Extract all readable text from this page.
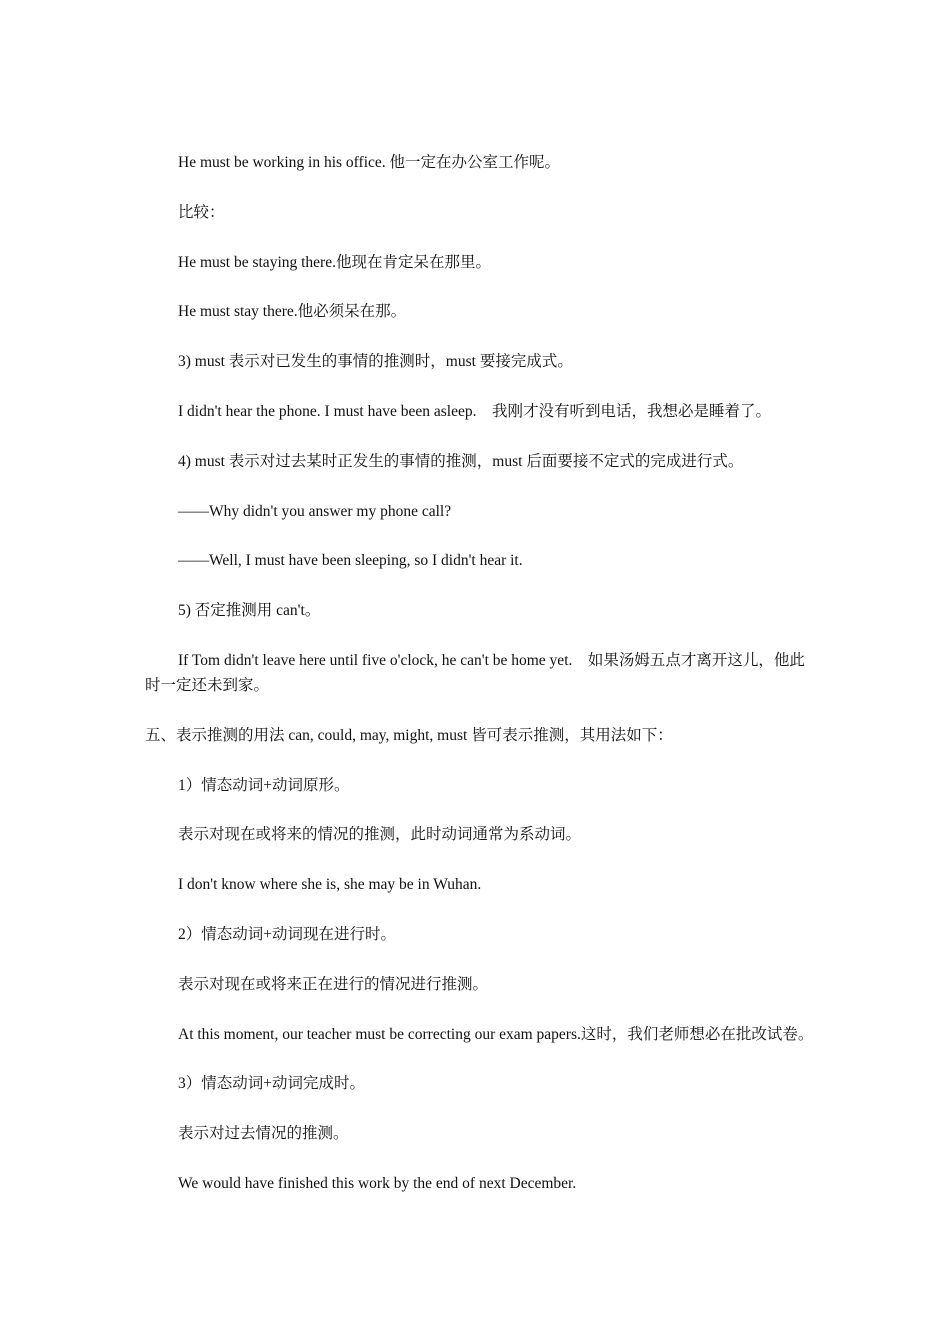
He must be working in his office. 他一定在办公室工作呢。

比较：

He must be staying there.他现在肯定呆在那里。

He must stay there.他必须呆在那。

3) must 表示对已发生的事情的推测时，must 要接完成式。

I didn't hear the phone. I must have been asleep.　我刚才没有听到电话，我想必是睡着了。

4) must 表示对过去某时正发生的事情的推测，must 后面要接不定式的完成进行式。

——Why didn't you answer my phone call?

——Well, I must have been sleeping, so I didn't hear it.

5) 否定推测用 can't。

If Tom didn't leave here until five o'clock, he can't be home yet.　如果汤姆五点才离开这儿，他此时一定还未到家。

五、表示推测的用法 can, could, may, might, must 皆可表示推测，其用法如下：

1）情态动词+动词原形。

表示对现在或将来的情况的推测，此时动词通常为系动词。

I don't know where she is, she may be in Wuhan.

2）情态动词+动词现在进行时。

表示对现在或将来正在进行的情况进行推测。

At this moment, our teacher must be correcting our exam papers.这时，我们老师想必在批改试卷。

3）情态动词+动词完成时。

表示对过去情况的推测。

We would have finished this work by the end of next December.
